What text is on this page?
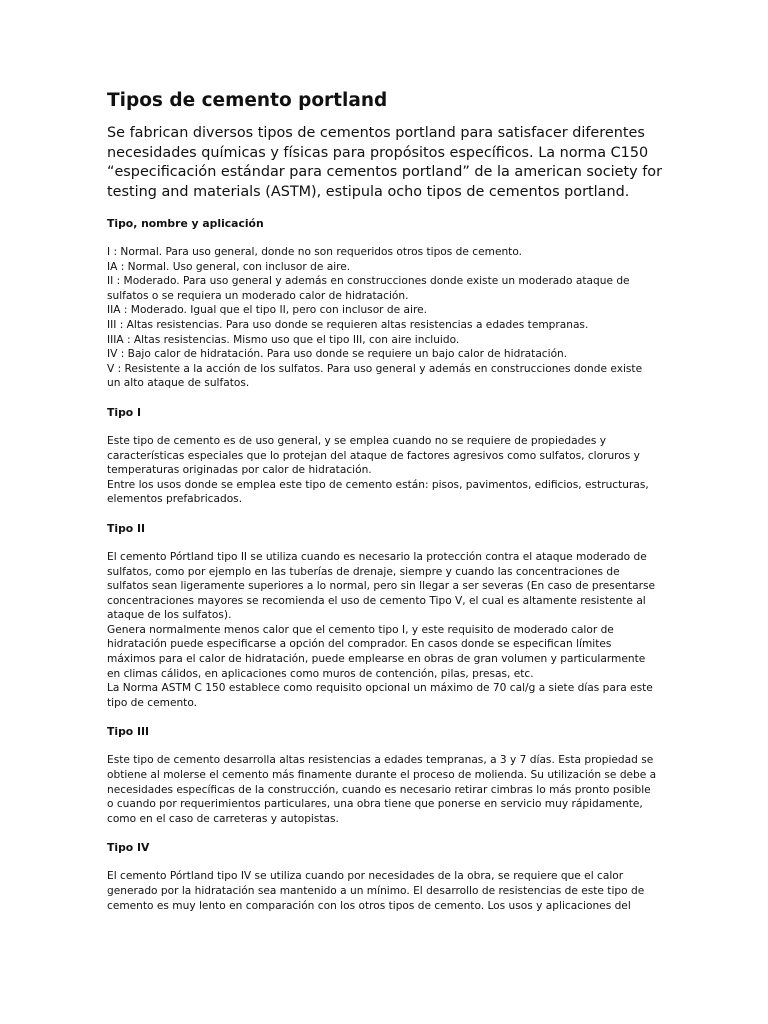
Tipos de cemento portland

Se fabrican diversos tipos de cementos portland para satisfacer diferentes
necesidades químicas y físicas para propósitos específicos. La norma C150
“especificación estándar para cementos portland” de la american society for
testing and materials (ASTM), estipula ocho tipos de cementos portland.

Tipo, nombre y aplicación
I : Normal. Para uso general, donde no son requeridos otros tipos de cemento.
IA : Normal. Uso general, con inclusor de aire.
II : Moderado. Para uso general y además en construcciones donde existe un moderado ataque de
sulfatos o se requiera un moderado calor de hidratación.
IIA : Moderado. Igual que el tipo II, pero con inclusor de aire.
III : Altas resistencias. Para uso donde se requieren altas resistencias a edades tempranas.
IIIA : Altas resistencias. Mismo uso que el tipo III, con aire incluido.
IV : Bajo calor de hidratación. Para uso donde se requiere un bajo calor de hidratación.
V : Resistente a la acción de los sulfatos. Para uso general y además en construcciones donde existe
un alto ataque de sulfatos.
Tipo I
Este tipo de cemento es de uso general, y se emplea cuando no se requiere de propiedades y
características especiales que lo protejan del ataque de factores agresivos como sulfatos, cloruros y
temperaturas originadas por calor de hidratación.
Entre los usos donde se emplea este tipo de cemento están: pisos, pavimentos, edificios, estructuras,
elementos prefabricados.
Tipo II
El cemento Pórtland tipo II se utiliza cuando es necesario la protección contra el ataque moderado de
sulfatos, como por ejemplo en las tuberías de drenaje, siempre y cuando las concentraciones de
sulfatos sean ligeramente superiores a lo normal, pero sin llegar a ser severas (En caso de presentarse
concentraciones mayores se recomienda el uso de cemento Tipo V, el cual es altamente resistente al
ataque de los sulfatos).
Genera normalmente menos calor que el cemento tipo I, y este requisito de moderado calor de
hidratación puede especificarse a opción del comprador. En casos donde se especifican límites
máximos para el calor de hidratación, puede emplearse en obras de gran volumen y particularmente
en climas cálidos, en aplicaciones como muros de contención, pilas, presas, etc.
La Norma ASTM C 150 establece como requisito opcional un máximo de 70 cal/g a siete días para este
tipo de cemento.
Tipo III
Este tipo de cemento desarrolla altas resistencias a edades tempranas, a 3 y 7 días. Esta propiedad se
obtiene al molerse el cemento más finamente durante el proceso de molienda. Su utilización se debe a
necesidades específicas de la construcción, cuando es necesario retirar cimbras lo más pronto posible
o cuando por requerimientos particulares, una obra tiene que ponerse en servicio muy rápidamente,
como en el caso de carreteras y autopistas.
Tipo IV
El cemento Pórtland tipo IV se utiliza cuando por necesidades de la obra, se requiere que el calor
generado por la hidratación sea mantenido a un mínimo. El desarrollo de resistencias de este tipo de
cemento es muy lento en comparación con los otros tipos de cemento. Los usos y aplicaciones del
